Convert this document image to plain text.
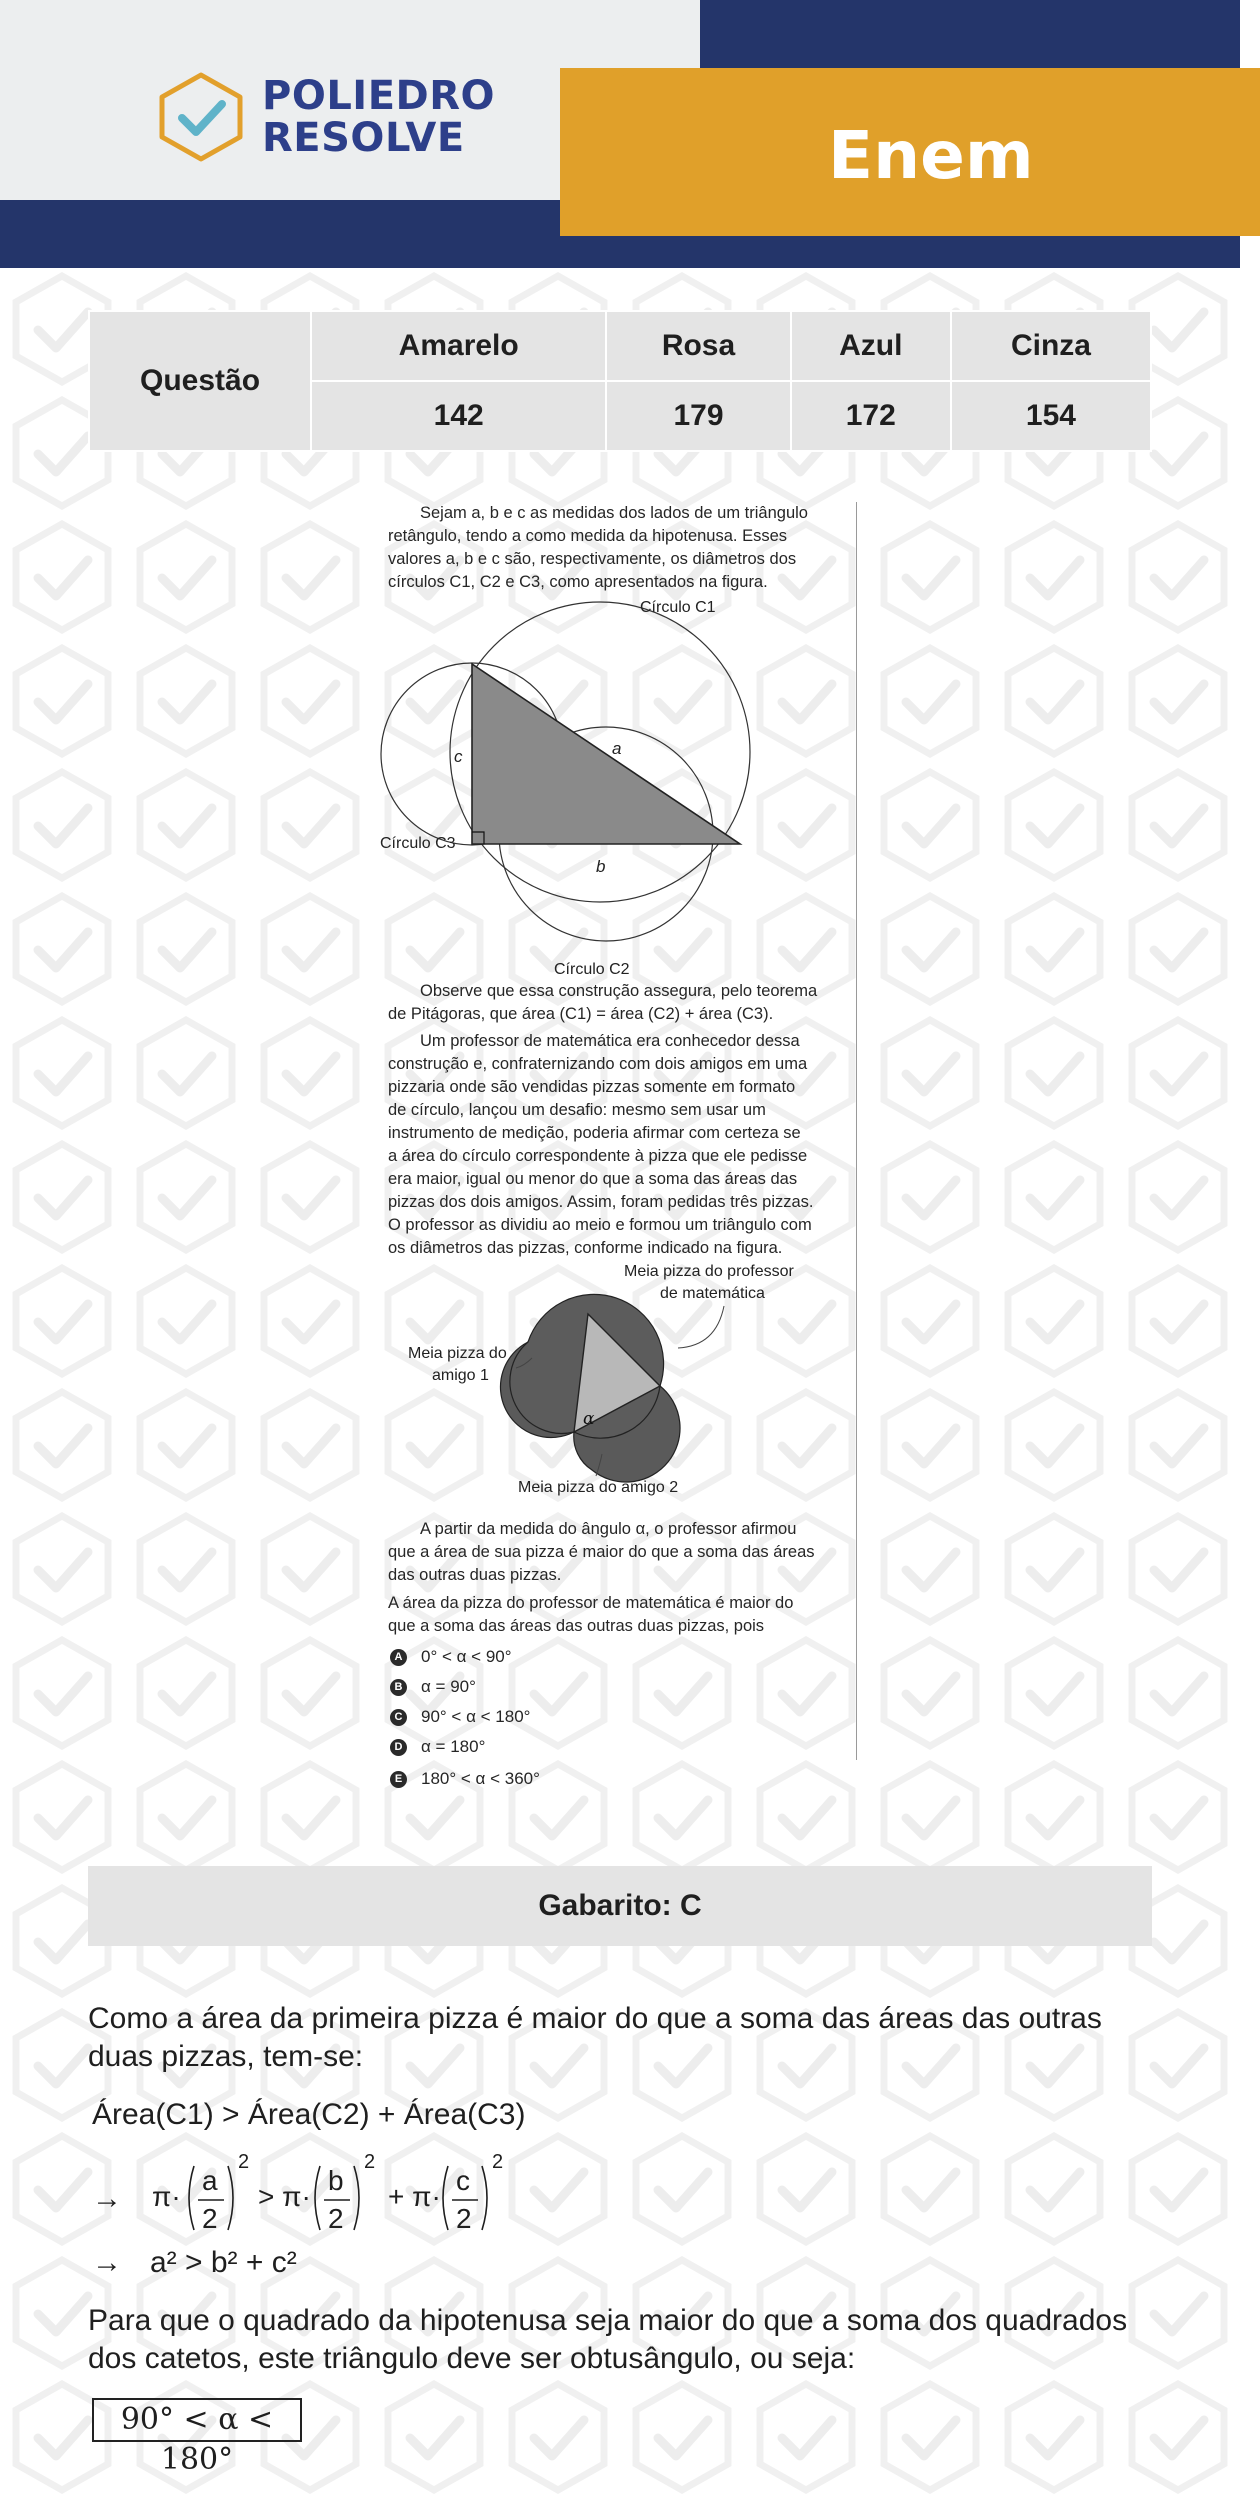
POLIEDRO
RESOLVE	Enem
Questão	Amarelo	Rosa	Azul	Cinza
	142	179	172	154
Sejam a, b e c as medidas dos lados de um triângulo
retângulo, tendo a como medida da hipotenusa. Esses
valores a, b e c são, respectivamente, os diâmetros dos
círculos C1, C2 e C3, como apresentados na figura.
c	a
b
Círculo C1
Círculo C2
Círculo C3
Observe que essa construção assegura, pelo teorema
de Pitágoras, que área (C1) = área (C2) + área (C3).
Um professor de matemática era conhecedor dessa
construção e, confraternizando com dois amigos em uma
pizzaria onde são vendidas pizzas somente em formato
de círculo, lançou um desafio: mesmo sem usar um
instrumento de medição, poderia afirmar com certeza se
a área do círculo correspondente à pizza que ele pedisse
era maior, igual ou menor do que a soma das áreas das
pizzas dos dois amigos. Assim, foram pedidas três pizzas.
O professor as dividiu ao meio e formou um triângulo com
os diâmetros das pizzas, conforme indicado na figura.
α
Meia pizza do professor
de matemática
Meia pizza do
amigo 1
Meia pizza do amigo 2
A partir da medida do ângulo α, o professor afirmou
que a área de sua pizza é maior do que a soma das áreas
das outras duas pizzas.
A área da pizza do professor de matemática é maior do
que a soma das áreas das outras duas pizzas, pois
A 0° < α < 90°
B α = 90°
C 90° < α < 180°
D α = 180°
E 180° < α < 360°
Gabarito: C
Como a área da primeira pizza é maior do que a soma das áreas das outras
duas pizzas, tem-se:
Área(C1) > Área(C2) + Área(C3)
→ π·
a
2
2
> π·
b
2
2
+ π·
c
2
2
→ a² > b² + c²
Para que o quadrado da hipotenusa seja maior do que a soma dos quadrados
dos catetos, este triângulo deve ser obtusângulo, ou seja:
90° < α < 180°
